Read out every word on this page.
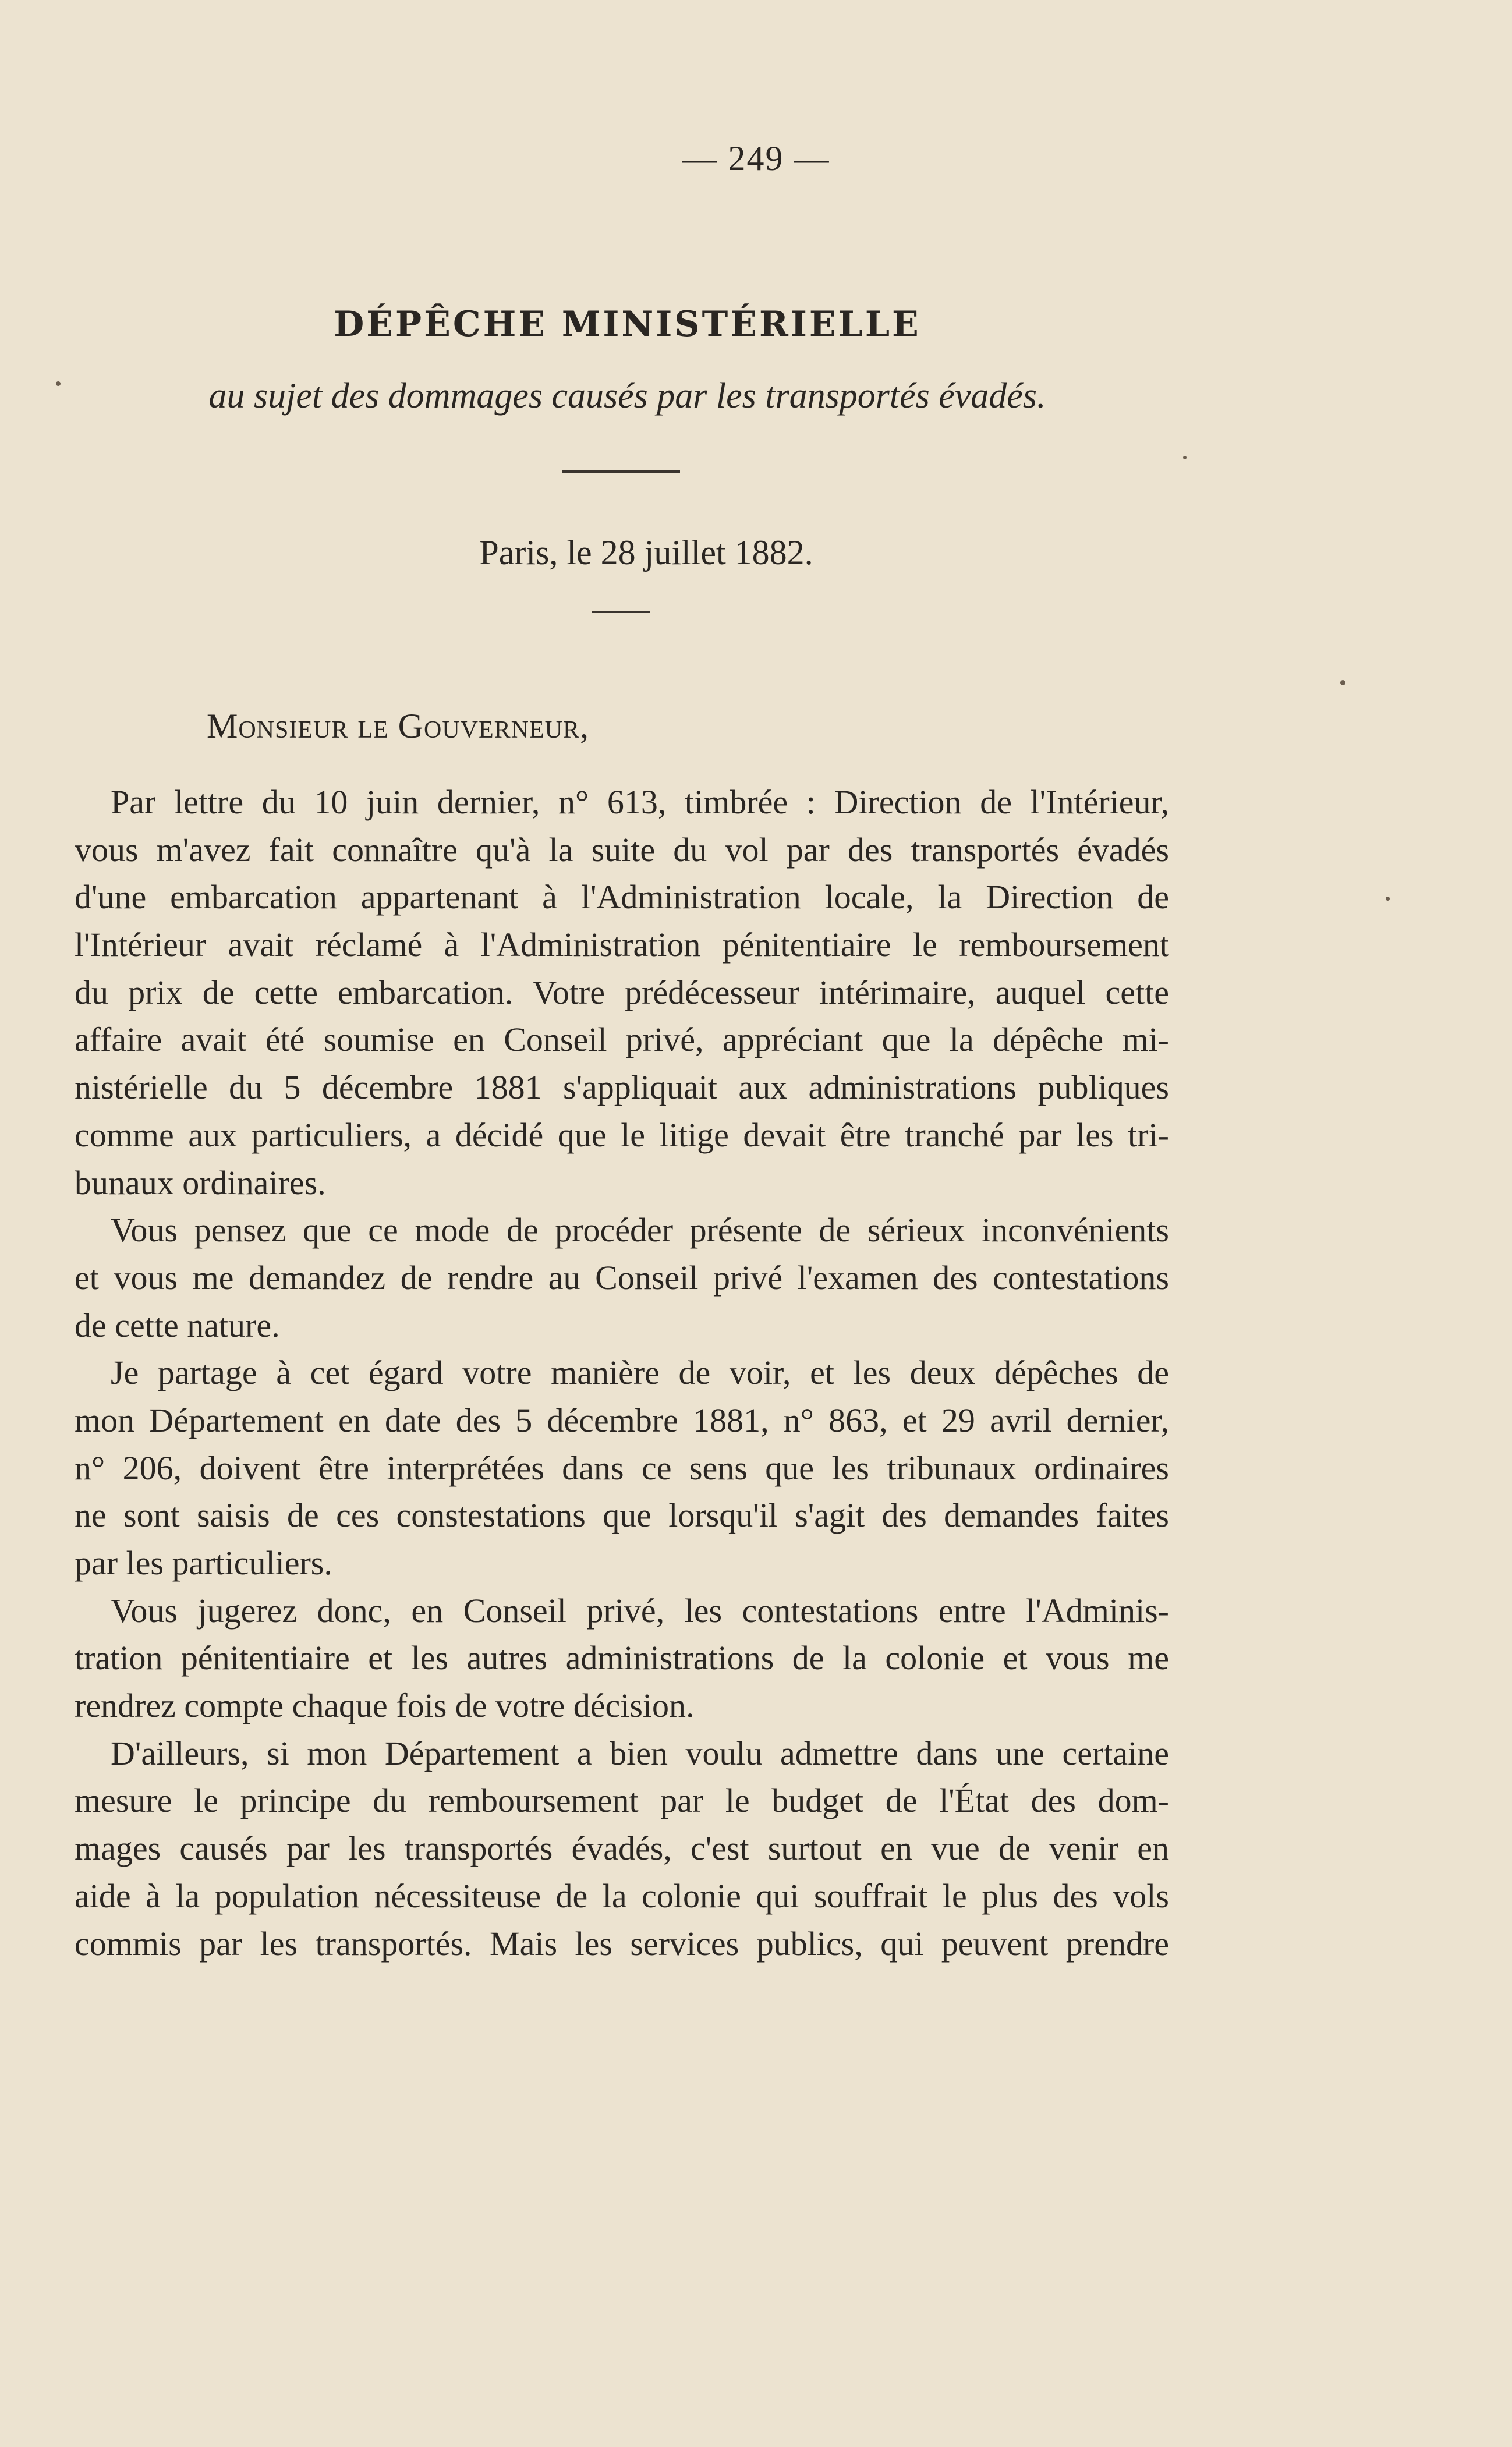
— 249 —
DÉPÊCHE MINISTÉRIELLE
au sujet des dommages causés par les transportés évadés.
Paris, le 28 juillet 1882.
Monsieur le Gouverneur,
Par lettre du 10 juin dernier, n° 613, timbrée : Direction de l'Intérieur,
vous m'avez fait connaître qu'à la suite du vol par des transportés évadés
d'une embarcation appartenant à l'Administration locale, la Direction de
l'Intérieur avait réclamé à l'Administration pénitentiaire le remboursement
du prix de cette embarcation. Votre prédécesseur intérimaire, auquel cette
affaire avait été soumise en Conseil privé, appréciant que la dépêche mi-
nistérielle du 5 décembre 1881 s'appliquait aux administrations publiques
comme aux particuliers, a décidé que le litige devait être tranché par les tri-
bunaux ordinaires.
Vous pensez que ce mode de procéder présente de sérieux inconvénients
et vous me demandez de rendre au Conseil privé l'examen des contestations
de cette nature.
Je partage à cet égard votre manière de voir, et les deux dépêches de
mon Département en date des 5 décembre 1881, n° 863, et 29 avril dernier,
n° 206, doivent être interprétées dans ce sens que les tribunaux ordinaires
ne sont saisis de ces constestations que lorsqu'il s'agit des demandes faites
par les particuliers.
Vous jugerez donc, en Conseil privé, les contestations entre l'Adminis-
tration pénitentiaire et les autres administrations de la colonie et vous me
rendrez compte chaque fois de votre décision.
D'ailleurs, si mon Département a bien voulu admettre dans une certaine
mesure le principe du remboursement par le budget de l'État des dom-
mages causés par les transportés évadés, c'est surtout en vue de venir en
aide à la population nécessiteuse de la colonie qui souffrait le plus des vols
commis par les transportés. Mais les services publics, qui peuvent prendre
